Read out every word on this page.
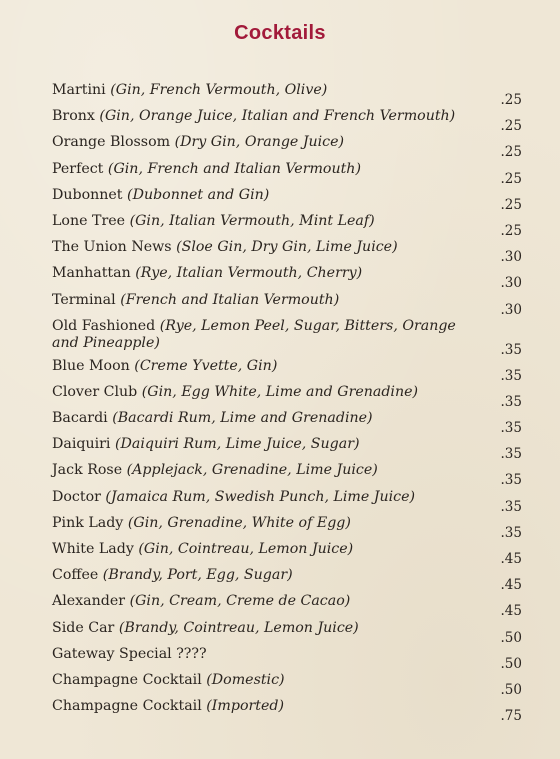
Cocktails
Martini (Gin, French Vermouth, Olive)
.25
Bronx (Gin, Orange Juice, Italian and French Vermouth)
.25
Orange Blossom (Dry Gin, Orange Juice)
.25
Perfect (Gin, French and Italian Vermouth)
.25
Dubonnet (Dubonnet and Gin)
.25
Lone Tree (Gin, Italian Vermouth, Mint Leaf)
.25
The Union News (Sloe Gin, Dry Gin, Lime Juice)
.30
Manhattan (Rye, Italian Vermouth, Cherry)
.30
Terminal (French and Italian Vermouth)
.30
Old Fashioned (Rye, Lemon Peel, Sugar, Bitters, Orange and Pineapple)	.35
Blue Moon (Creme Yvette, Gin)
.35
Clover Club (Gin, Egg White, Lime and Grenadine)
.35
Bacardi (Bacardi Rum, Lime and Grenadine)
.35
Daiquiri (Daiquiri Rum, Lime Juice, Sugar)
.35
Jack Rose (Applejack, Grenadine, Lime Juice)
.35
Doctor (Jamaica Rum, Swedish Punch, Lime Juice)
.35
Pink Lady (Gin, Grenadine, White of Egg)
.35
White Lady (Gin, Cointreau, Lemon Juice)
.45
Coffee (Brandy, Port, Egg, Sugar)
.45
Alexander (Gin, Cream, Creme de Cacao)
.45
Side Car (Brandy, Cointreau, Lemon Juice)
.50
Gateway Special ????
.50
Champagne Cocktail (Domestic)
.50
Champagne Cocktail (Imported)
.75
